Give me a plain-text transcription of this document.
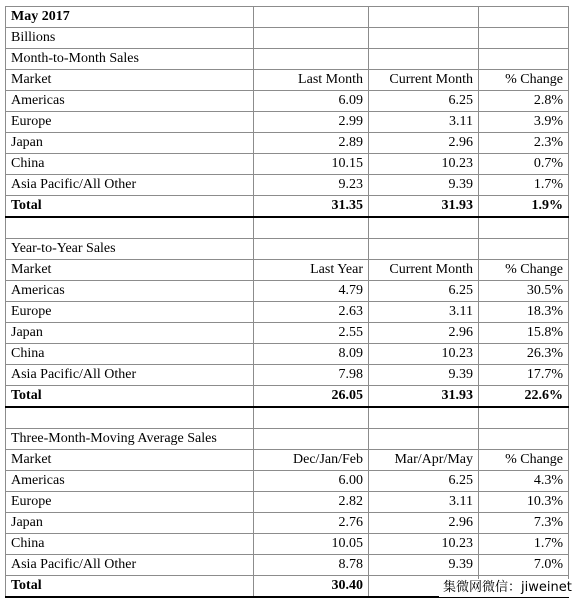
May 2017			
Billions			
Month-to-Month Sales			
Market	Last Month	Current Month	% Change
Americas	6.09	6.25	2.8%
Europe	2.99	3.11	3.9%
Japan	2.89	2.96	2.3%
China	10.15	10.23	0.7%
Asia Pacific/All Other	9.23	9.39	1.7%
Total	31.35	31.93	1.9%

Year-to-Year Sales			
Market	Last Year	Current Month	% Change
Americas	4.79	6.25	30.5%
Europe	2.63	3.11	18.3%
Japan	2.55	2.96	15.8%
China	8.09	10.23	26.3%
Asia Pacific/All Other	7.98	9.39	17.7%
Total	26.05	31.93	22.6%

Three-Month-Moving Average Sales			
Market	Dec/Jan/Feb	Mar/Apr/May	% Change
Americas	6.00	6.25	4.3%
Europe	2.82	3.11	10.3%
Japan	2.76	2.96	7.3%
China	10.05	10.23	1.7%
Asia Pacific/All Other	8.78	9.39	7.0%
Total	30.40			集微网微信：jiweinet
